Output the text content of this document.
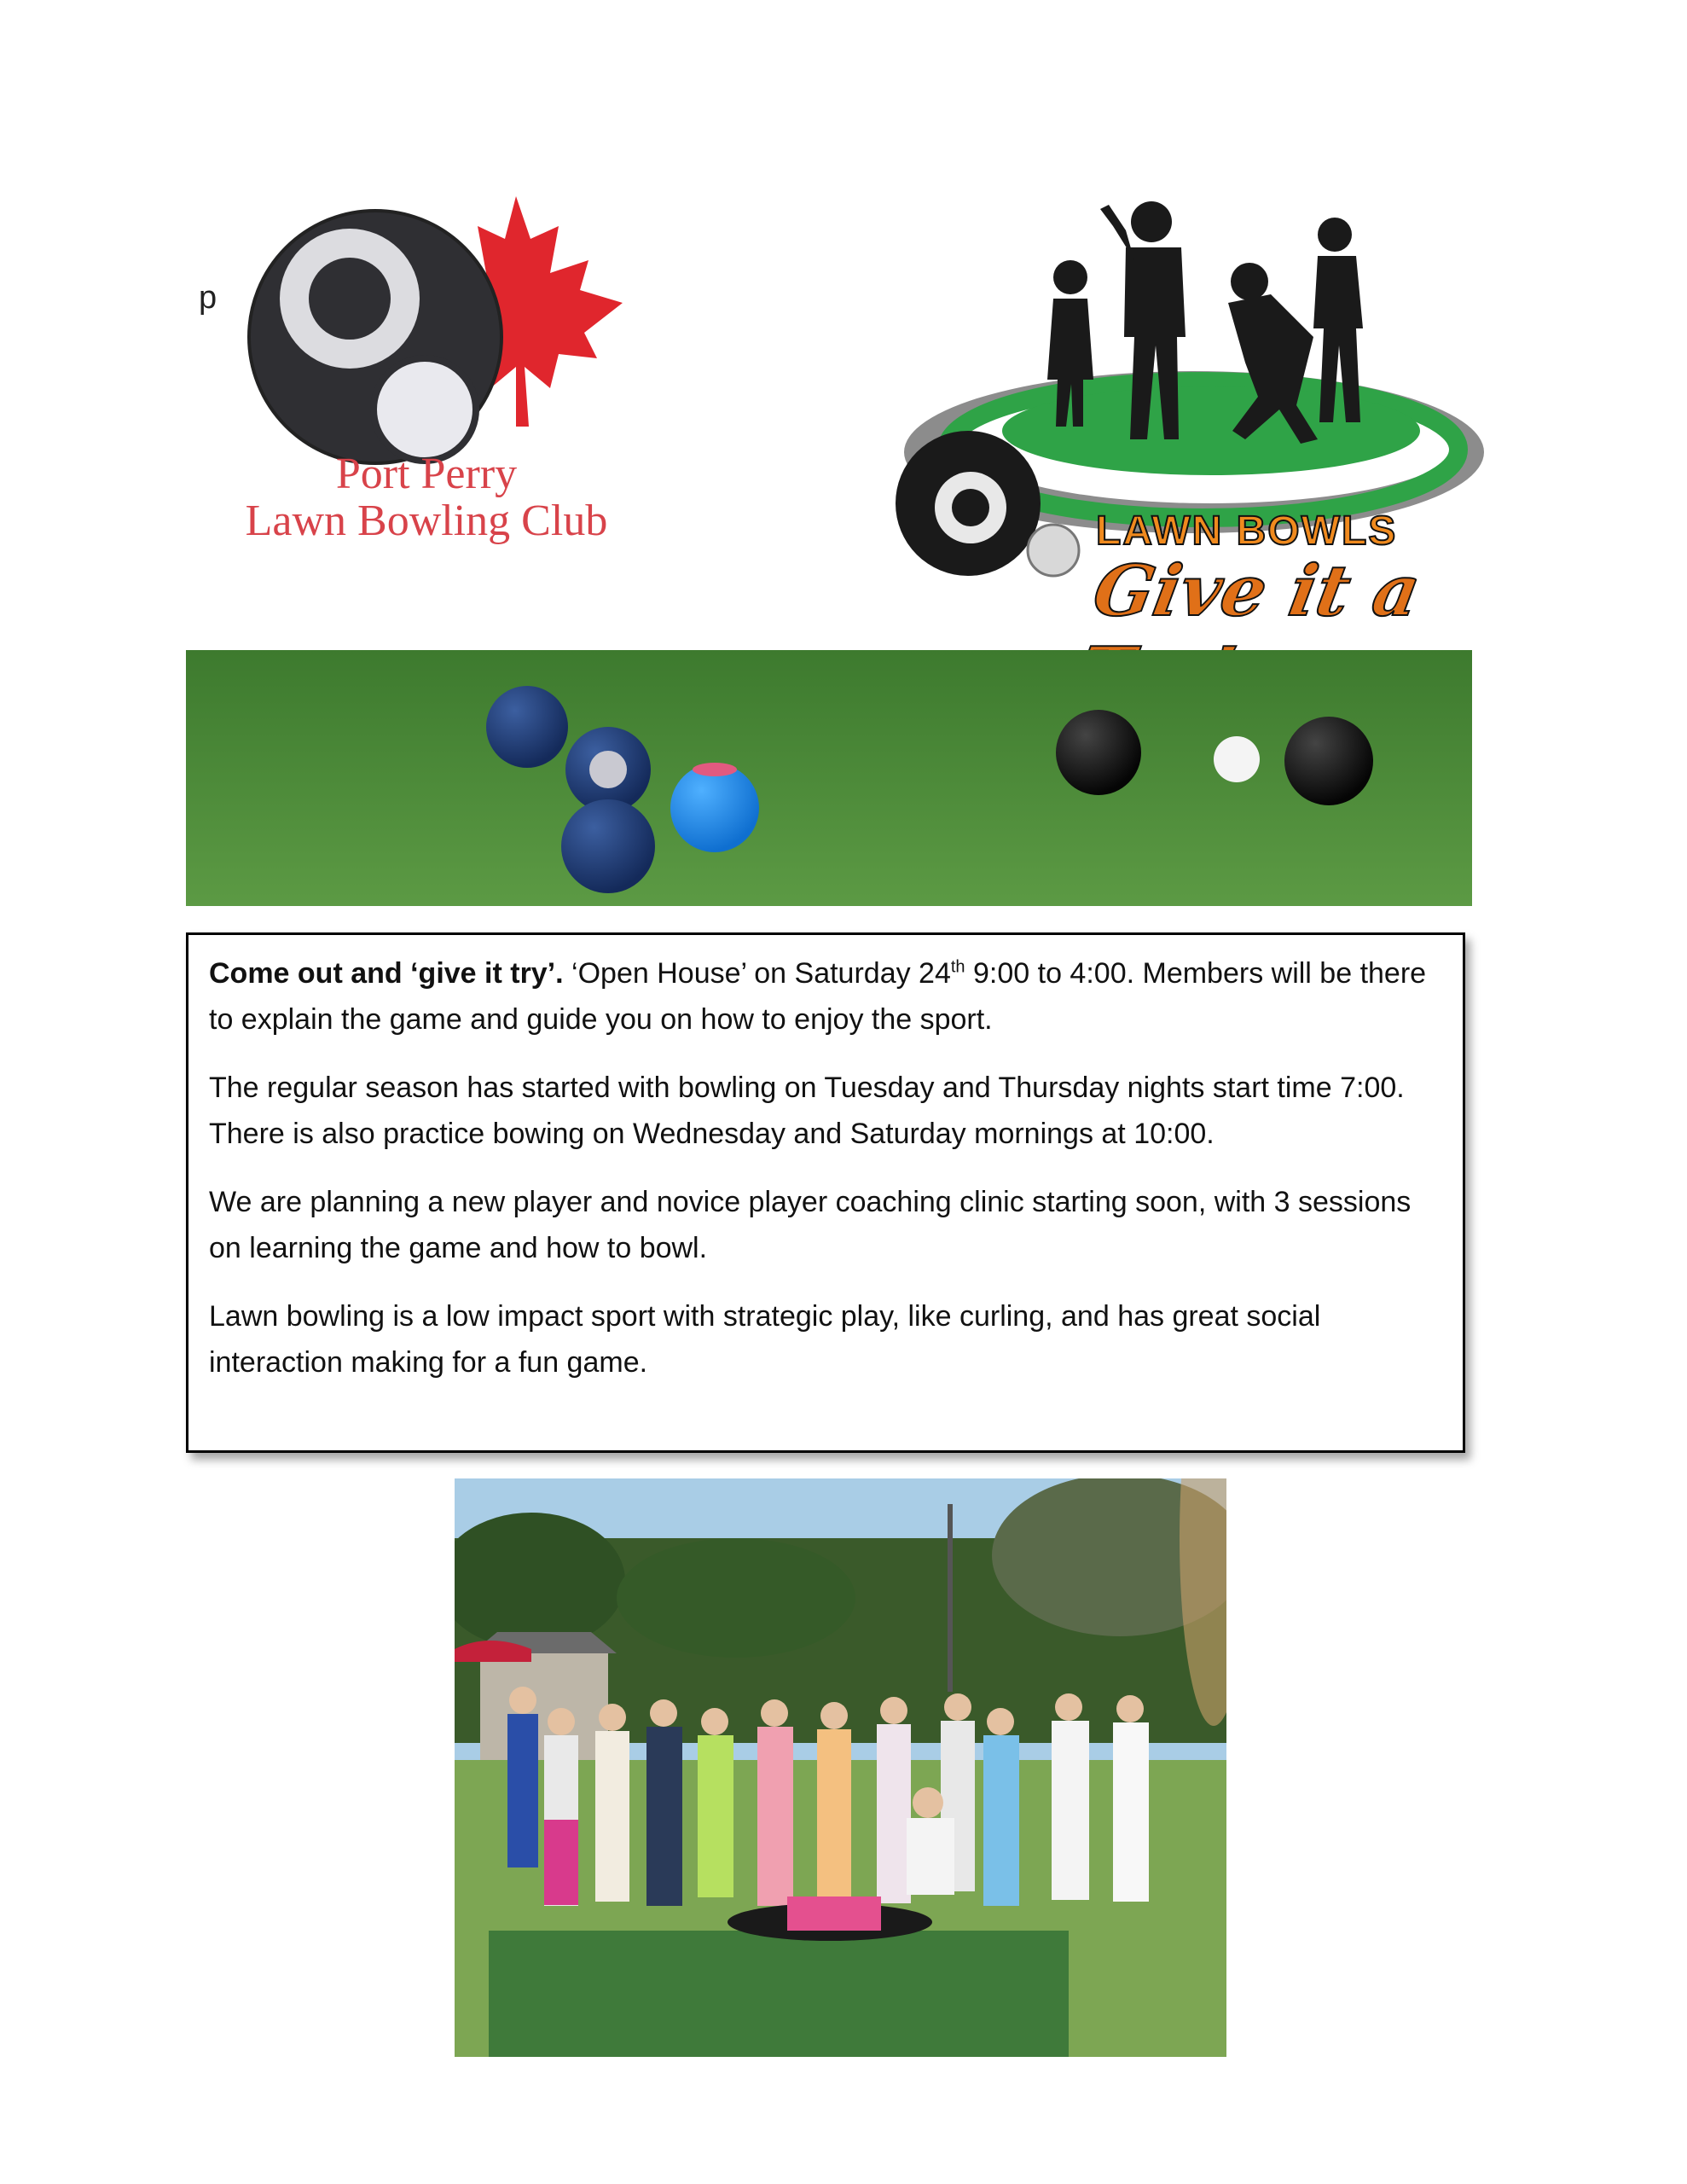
p
Port Perry
Lawn Bowling Club	LAWN BOWLS
Give it a

Come out and ‘give it try’. ‘Open House’ on Saturday 24th 9:00 to 4:00. Members will be there to explain the game and guide you on how to enjoy the sport.

The regular season has started with bowling on Tuesday and Thursday nights start time 7:00. There is also practice bowing on Wednesday and Saturday mornings at 10:00.

We are planning a new player and novice player coaching clinic starting soon, with 3 sessions on learning the game and how to bowl.

Lawn bowling is a low impact sport with strategic play, like curling, and has great social interaction making for a fun game.
